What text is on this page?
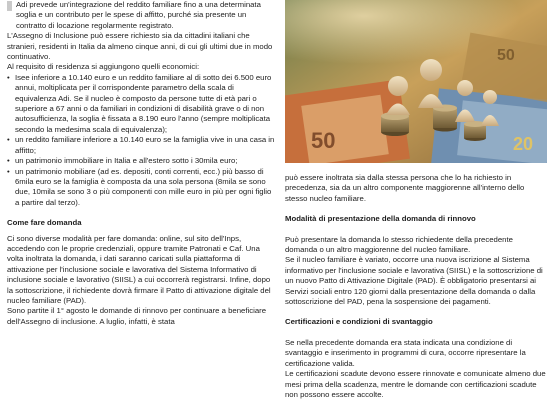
Adi prevede un'integrazione del reddito familiare fino a una determinata soglia e un contributo per le spese di affitto, purché sia presente un contratto di locazione regolarmente registrato.

L'Assegno di Inclusione può essere richiesto sia da cittadini italiani che stranieri, residenti in Italia da almeno cinque anni, di cui gli ultimi due in modo continuativo.

Al requisito di residenza si aggiungono quelli economici:

• Isee inferiore a 10.140 euro e un reddito familiare al di sotto dei 6.500 euro annui, moltiplicata per il corrispondente parametro della scala di equivalenza Adi. Se il nucleo è composto da persone tutte di età pari o superiore a 67 anni o da familiari in condizioni di disabilità grave o di non autosufficienza, la soglia è fissata a 8.190 euro l'anno (sempre moltiplicata secondo la medesima scala di equivalenza);
• un reddito familiare inferiore a 10.140 euro se la famiglia vive in una casa in affitto;
• un patrimonio immobiliare in Italia e all'estero sotto i 30mila euro;
• un patrimonio mobiliare (ad es. depositi, conti correnti, ecc.) più basso di 6mila euro se la famiglia è composta da una sola persona (8mila se sono due, 10mila se sono 3 o più componenti con mille euro in più per ogni figlio a partire dal terzo).
Come fare domanda

Ci sono diverse modalità per fare domanda: online, sul sito dell'Inps, accedendo con le proprie credenziali, oppure tramite Patronati e Caf. Una volta inoltrata la domanda, i dati saranno caricati sulla piattaforma di attivazione per l'inclusione sociale e lavorativa del Sistema Informativo di inclusione sociale e lavorativo (SIISL) a cui occorrerà registrarsi. Infine, dopo la sottoscrizione, il richiedente dovrà firmare il Patto di attivazione digitale del nucleo familiare (PAD).

Sono partite il 1° agosto le domande di rinnovo per continuare a beneficiare dell'Assegno di inclusione. A luglio, infatti, è stata

50	20
50

può essere inoltrata sia dalla stessa persona che lo ha richiesto in precedenza, sia da un altro componente maggiorenne all'interno dello stesso nucleo familiare.

Modalità di presentazione della domanda di rinnovo

Può presentare la domanda lo stesso richiedente della precedente domanda o un altro maggiorenne del nucleo familiare.

Se il nucleo familiare è variato, occorre una nuova iscrizione al Sistema informativo per l'inclusione sociale e lavorativa (SIISL) e la sottoscrizione di un nuovo Patto di Attivazione Digitale (PAD). È obbligatorio presentarsi ai Servizi sociali entro 120 giorni dalla presentazione della domanda o dalla sottoscrizione del PAD, pena la sospensione dei pagamenti.

Certificazioni e condizioni di svantaggio

Se nella precedente domanda era stata indicata una condizione di svantaggio e inserimento in programmi di cura, occorre ripresentare la certificazione valida.

Le certificazioni scadute devono essere rinnovate e comunicate almeno due mesi prima della scadenza, mentre le domande con certificazioni scadute non possono essere accolte.
